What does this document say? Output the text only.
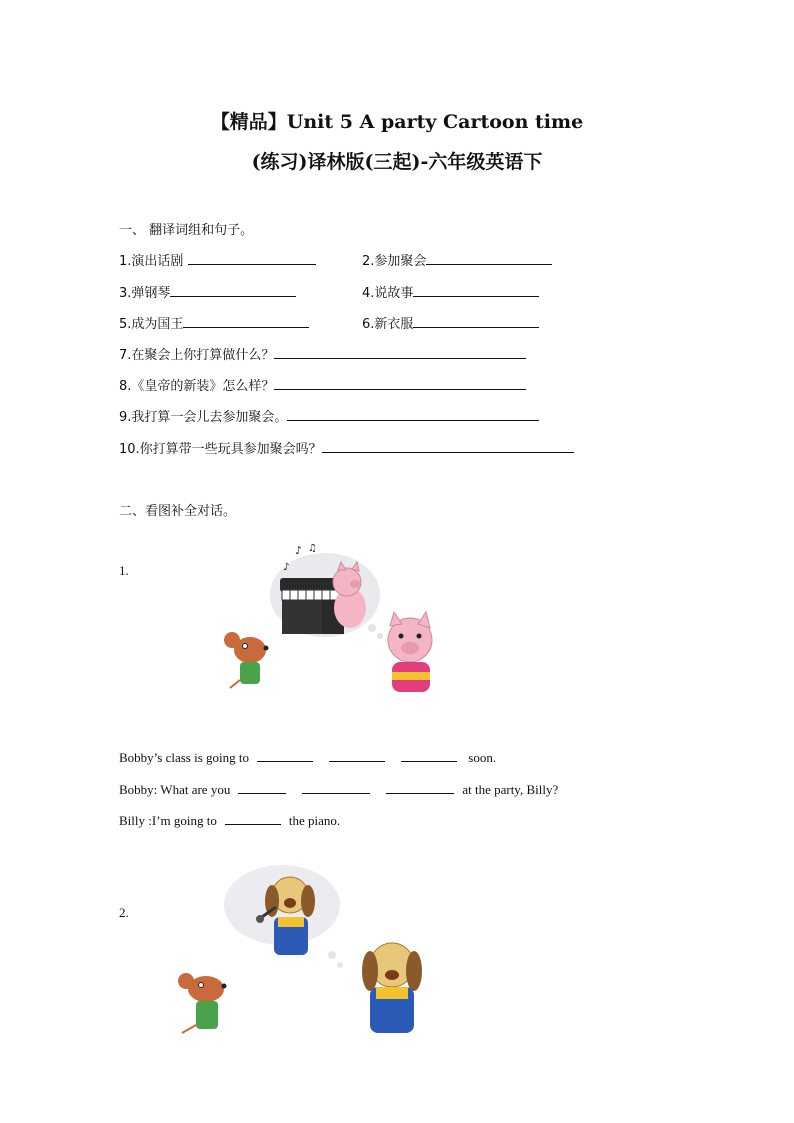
【精品】Unit 5 A party Cartoon time
(练习)译林版(三起)-六年级英语下
一、 翻译词组和句子。
1.演出话剧	2.参加聚会
3.弹钢琴	4.说故事
5.成为国王	6.新衣服
7.在聚会上你打算做什么？
8.《皇帝的新装》怎么样？
9.我打算一会儿去参加聚会。
10.你打算带一些玩具参加聚会吗？
二、看图补全对话。
1.
♪ ♫
♪
Bobby’s class is going to	soon.
Bobby: What are you	at the party, Billy?
Billy :I’m going to	the piano.
2.
